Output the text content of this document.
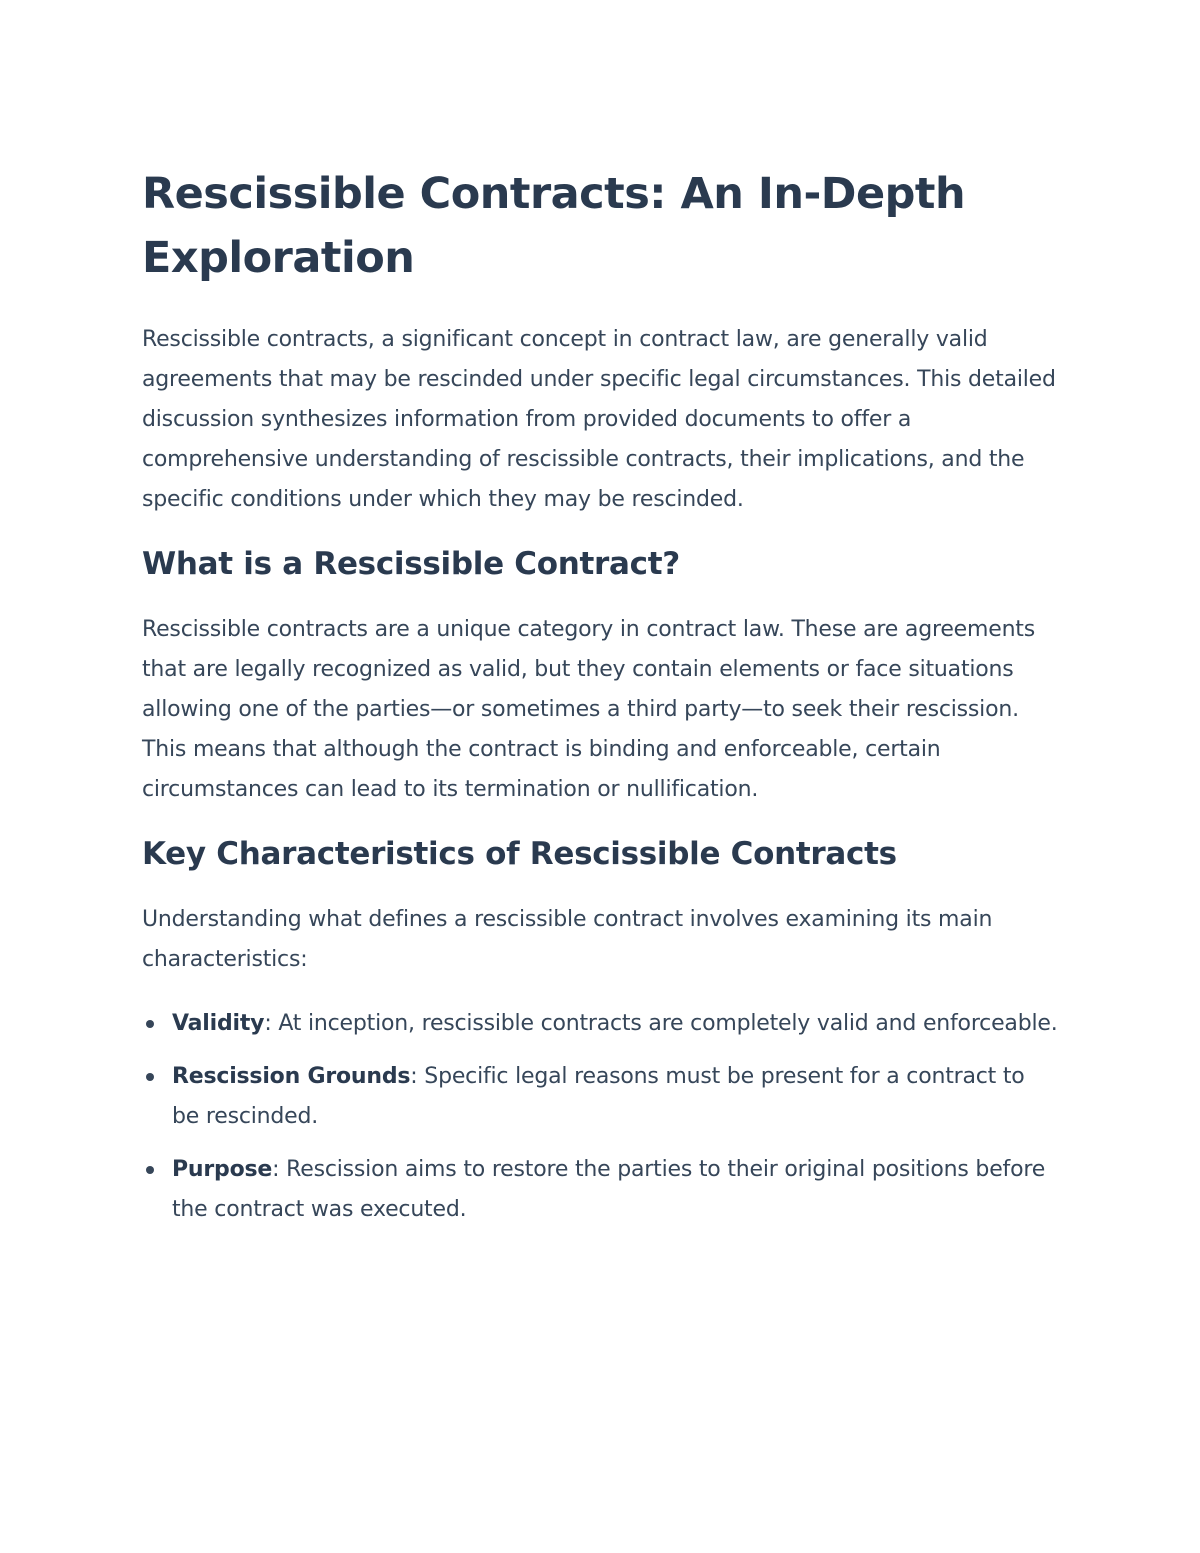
Rescissible Contracts: An In-Depth Exploration

Rescissible contracts, a significant concept in contract law, are generally valid agreements that may be rescinded under specific legal circumstances. This detailed discussion synthesizes information from provided documents to offer a comprehensive understanding of rescissible contracts, their implications, and the specific conditions under which they may be rescinded.

What is a Rescissible Contract?

Rescissible contracts are a unique category in contract law. These are agreements that are legally recognized as valid, but they contain elements or face situations allowing one of the parties—or sometimes a third party—to seek their rescission. This means that although the contract is binding and enforceable, certain circumstances can lead to its termination or nullification.

Key Characteristics of Rescissible Contracts

Understanding what defines a rescissible contract involves examining its main characteristics:

Validity: At inception, rescissible contracts are completely valid and enforceable.
Rescission Grounds: Specific legal reasons must be present for a contract to be rescinded.
Purpose: Rescission aims to restore the parties to their original positions before the contract was executed.
